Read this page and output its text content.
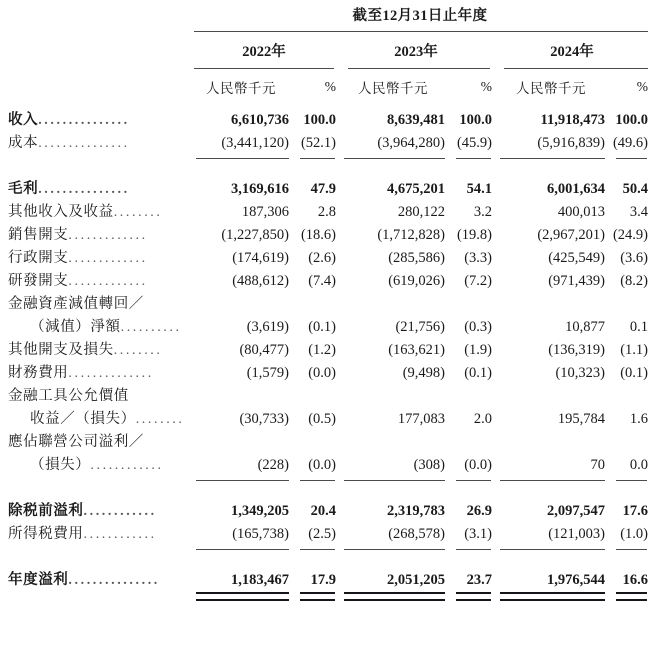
	截至12月31日止年度					

	2022年		2023年		2024年	

	人民幣千元	%	人民幣千元	%	人民幣千元	%
收入...............	6,610,736	100.0	8,639,481	100.0	11,918,473	100.0
成本...............	(3,441,120)	(52.1)	(3,964,280)	(45.9)	(5,916,839)	(49.6)

毛利...............	3,169,616	47.9	4,675,201	54.1	6,001,634	50.4
其他收入及收益........	187,306	2.8	280,122	3.2	400,013	3.4
銷售開支.............	(1,227,850)	(18.6)	(1,712,828)	(19.8)	(2,967,201)	(24.9)
行政開支.............	(174,619)	(2.6)	(285,586)	(3.3)	(425,549)	(3.6)
研發開支.............	(488,612)	(7.4)	(619,026)	(7.2)	(971,439)	(8.2)
金融資產減值轉回／						
（減值）淨額..........	(3,619)	(0.1)	(21,756)	(0.3)	10,877	0.1
其他開支及損失........	(80,477)	(1.2)	(163,621)	(1.9)	(136,319)	(1.1)
財務費用..............	(1,579)	(0.0)	(9,498)	(0.1)	(10,323)	(0.1)
金融工具公允價值						
收益／（損失）........	(30,733)	(0.5)	177,083	2.0	195,784	1.6
應佔聯營公司溢利／						
（損失）............	(228)	(0.0)	(308)	(0.0)	70	0.0

除税前溢利............	1,349,205	20.4	2,319,783	26.9	2,097,547	17.6
所得税費用............	(165,738)	(2.5)	(268,578)	(3.1)	(121,003)	(1.0)

年度溢利...............	1,183,467	17.9	2,051,205	23.7	1,976,544	16.6
